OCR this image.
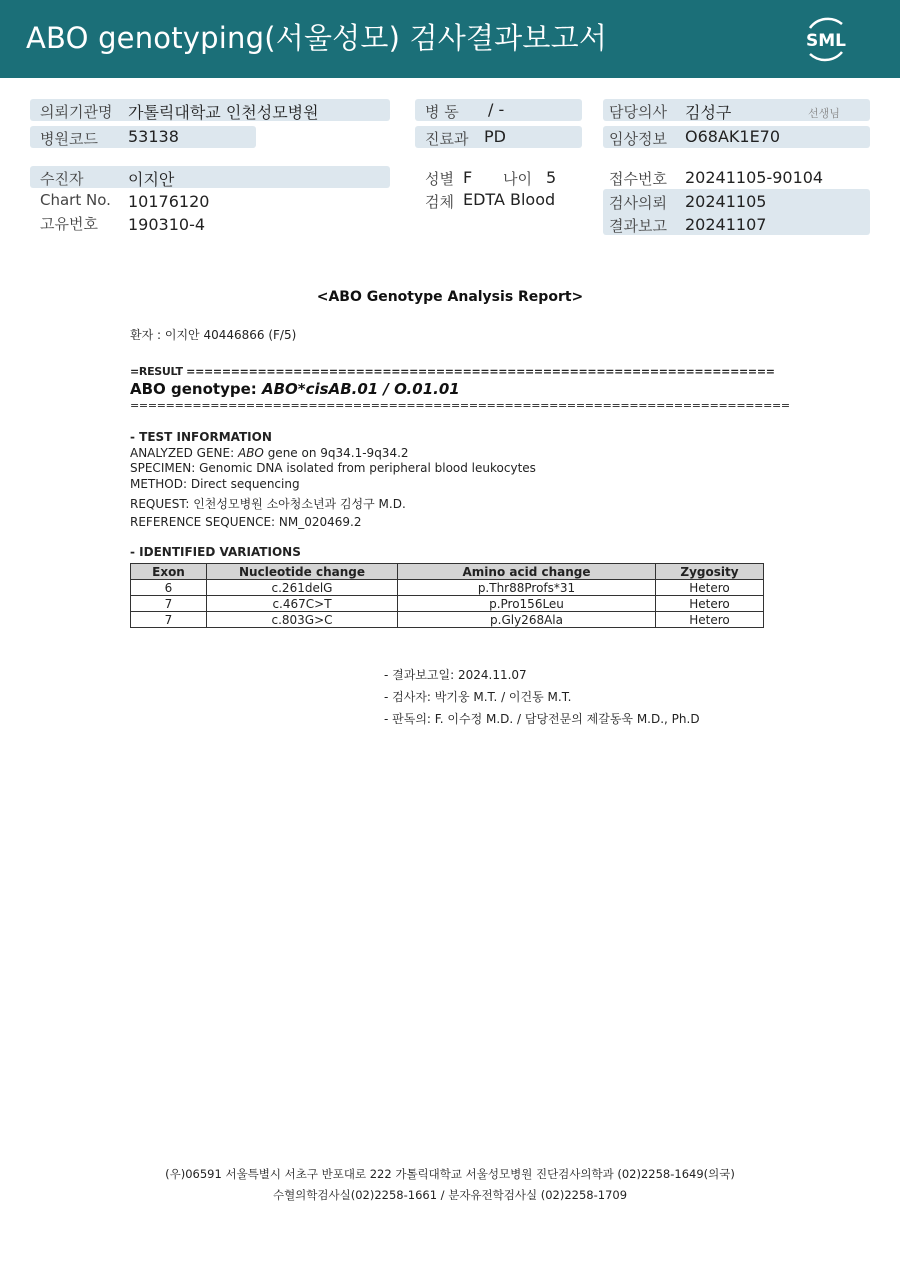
ABO genotyping(서울성모) 검사결과보고서	SML
의뢰기관명 가톨릭대학교 인천성모병원
병원코드 53138
병 동 / -
진료과 PD
담당의사 김성구	선생님
임상정보 O68AK1E70
수진자	이지안
Chart No. 10176120
고유번호 190310-4
성별 F 나이 5
검체 EDTA Blood
접수번호 20241105-90104
검사의뢰 20241105
결과보고 20241107
<ABO Genotype Analysis Report>
환자 : 이지안 40446866 (F/5)
=RESULT ==================================================================
ABO genotype: ABO*cisAB.01 / O.01.01
==========================================================================
- TEST INFORMATION
ANALYZED GENE: ABO gene on 9q34.1-9q34.2
SPECIMEN: Genomic DNA isolated from peripheral blood leukocytes
METHOD: Direct sequencing
REQUEST: 인천성모병원 소아청소년과 김성구 M.D.
REFERENCE SEQUENCE: NM_020469.2
- IDENTIFIED VARIATIONS
Exon	Nucleotide change	Amino acid change	Zygosity
6	c.261delG	p.Thr88Profs*31	Hetero
7	c.467C>T	p.Pro156Leu	Hetero
7	c.803G>C	p.Gly268Ala	Hetero
- 결과보고일: 2024.11.07
- 검사자: 박기웅 M.T. / 이건동 M.T.
- 판독의: F. 이수정 M.D. / 담당전문의 제갈동욱 M.D., Ph.D
(우)06591 서울특별시 서초구 반포대로 222 가톨릭대학교 서울성모병원 진단검사의학과 (02)2258-1649(의국)
수혈의학검사실(02)2258-1661 / 분자유전학검사실 (02)2258-1709
